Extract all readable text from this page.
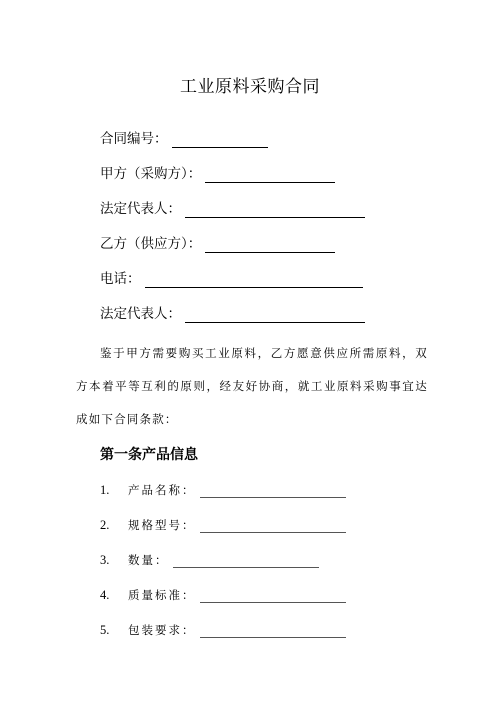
工业原料采购合同
合同编号：
甲方（采购方）：
法定代表人：
乙方（供应方）：
电话：
法定代表人：
鉴于甲方需要购买工业原料，乙方愿意供应所需原料，双方本着平等互利的原则，经友好协商，就工业原料采购事宜达成如下合同条款：
第一条产品信息
1.	产品名称：
2.	规格型号：
3.	数量：
4.	质量标准：
5.	包装要求：
